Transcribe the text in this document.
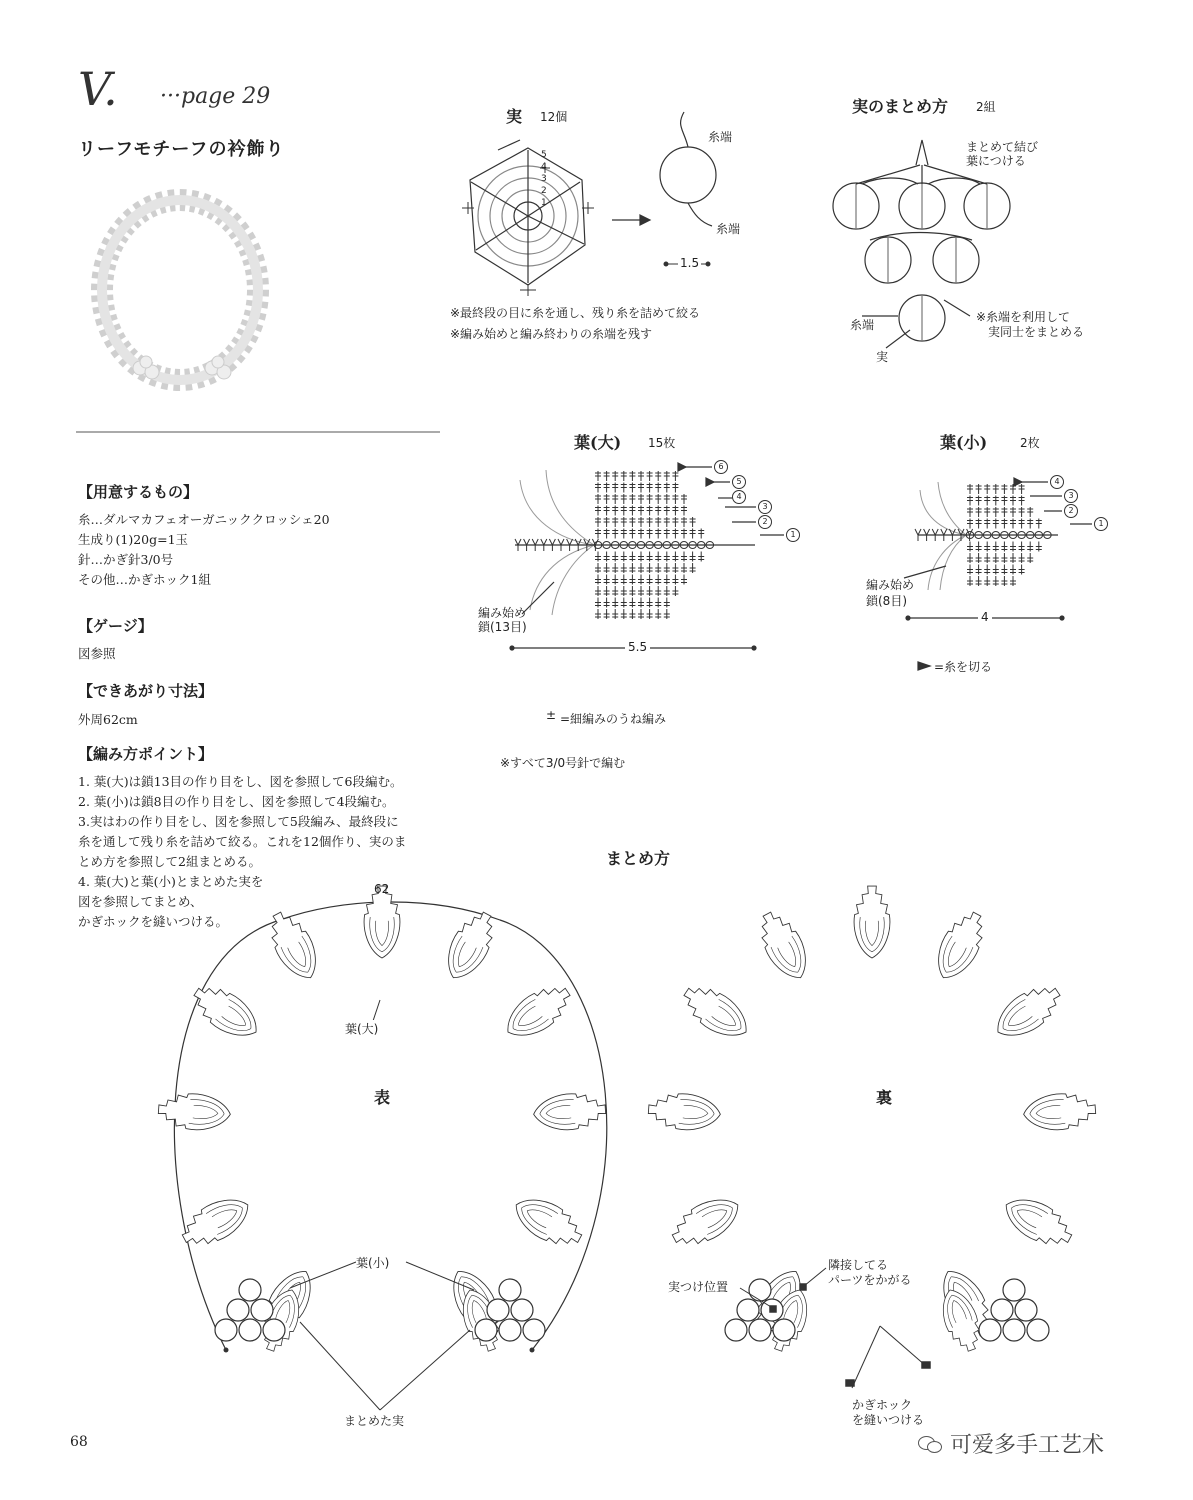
V. ···page 29
リーフモチーフの衿飾り
【用意するもの】
糸…ダルマカフェオーガニッククロッシェ20
生成り(1)20g=1玉
針…かぎ針3/0号
その他…かぎホック1組
【ゲージ】
図参照
【できあがり寸法】
外周62cm
【編み方ポイント】
1. 葉(大)は鎖13目の作り目をし、図を参照して6段編む。
2. 葉(小)は鎖8目の作り目をし、図を参照して4段編む。
3.実はわの作り目をし、図を参照して5段編み、最終段に
糸を通して残り糸を詰めて絞る。これを12個作り、実のま
とめ方を参照して2組まとめる。
4. 葉(大)と葉(小)とまとめた実を
図を参照してまとめ、
かぎホックを縫いつける。
実 12個
糸端
糸端
1.5
※最終段の目に糸を通し、残り糸を詰めて絞る
※編み始めと編み終わりの糸端を残す
実のまとめ方 2組
まとめて結び
葉につける
糸端
実
※糸端を利用して
実同士をまとめる
葉(大) 15枚
編み始め
鎖(13目)
5.5
葉(小)	2枚
編み始め
鎖(8目)
4
=糸を切る
± =細編みのうね編み
※すべて3/0号針で編む
まとめ方
62
表	裏
葉(大)
葉(小)
まとめた実
実つけ位置
隣接してる
パーツをかがる
かぎホック
を縫いつける
68	可爱多手工艺术
5
4
3
2
1
6
5
4
3
2
1
4
3
2
1
